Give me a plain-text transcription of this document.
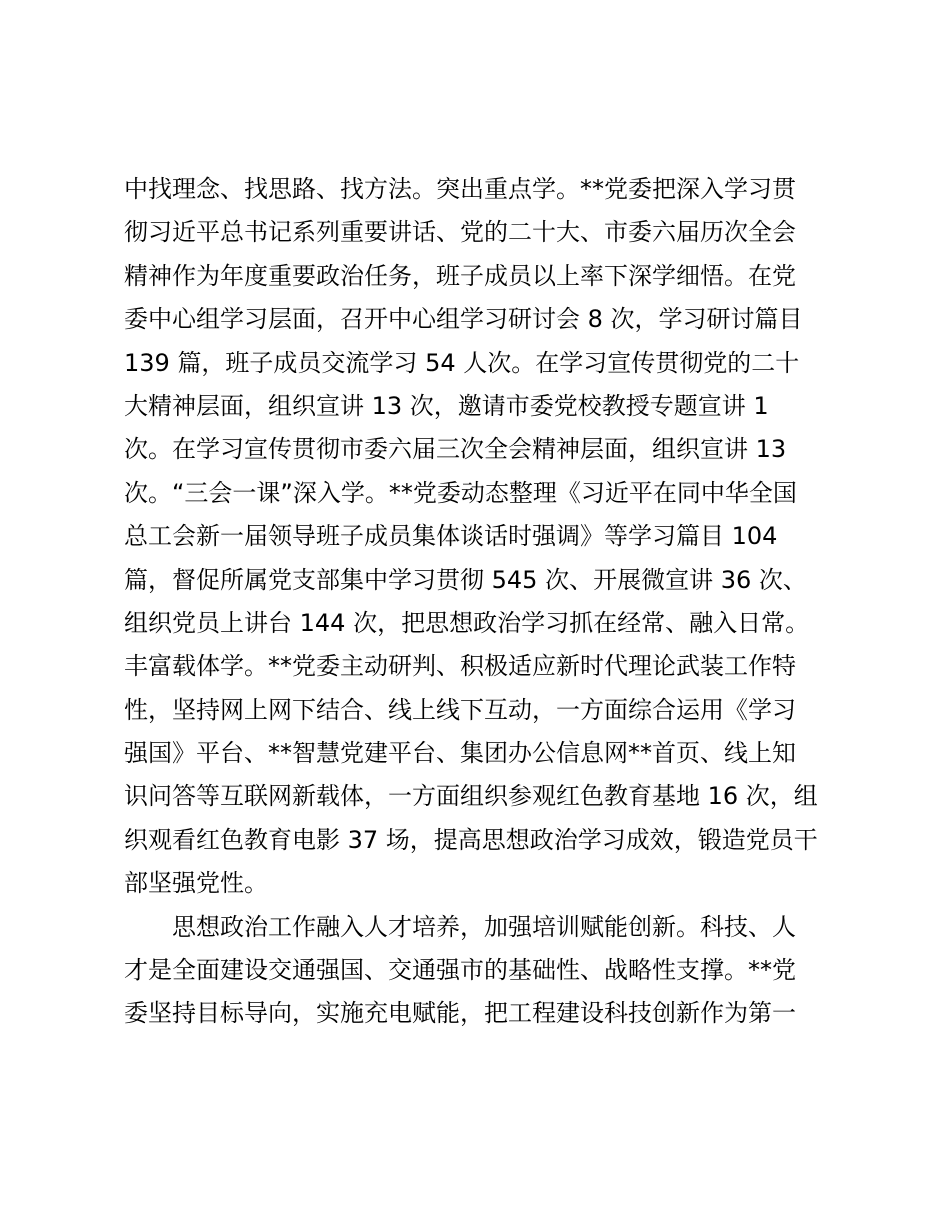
中找理念、找思路、找方法。突出重点学。**党委把深入学习贯
彻习近平总书记系列重要讲话、党的二十大、市委六届历次全会
精神作为年度重要政治任务，班子成员以上率下深学细悟。在党
委中心组学习层面，召开中心组学习研讨会 8 次，学习研讨篇目
139 篇，班子成员交流学习 54 人次。在学习宣传贯彻党的二十
大精神层面，组织宣讲 13 次，邀请市委党校教授专题宣讲 1
次。在学习宣传贯彻市委六届三次全会精神层面，组织宣讲 13
次。“三会一课”深入学。**党委动态整理《习近平在同中华全国
总工会新一届领导班子成员集体谈话时强调》等学习篇目 104
篇，督促所属党支部集中学习贯彻 545 次、开展微宣讲 36 次、
组织党员上讲台 144 次，把思想政治学习抓在经常、融入日常。
丰富载体学。**党委主动研判、积极适应新时代理论武装工作特
性，坚持网上网下结合、线上线下互动，一方面综合运用《学习
强国》平台、**智慧党建平台、集团办公信息网**首页、线上知
识问答等互联网新载体，一方面组织参观红色教育基地 16 次，组
织观看红色教育电影 37 场，提高思想政治学习成效，锻造党员干
部坚强党性。
思想政治工作融入人才培养，加强培训赋能创新。科技、人
才是全面建设交通强国、交通强市的基础性、战略性支撑。**党
委坚持目标导向，实施充电赋能，把工程建设科技创新作为第一
